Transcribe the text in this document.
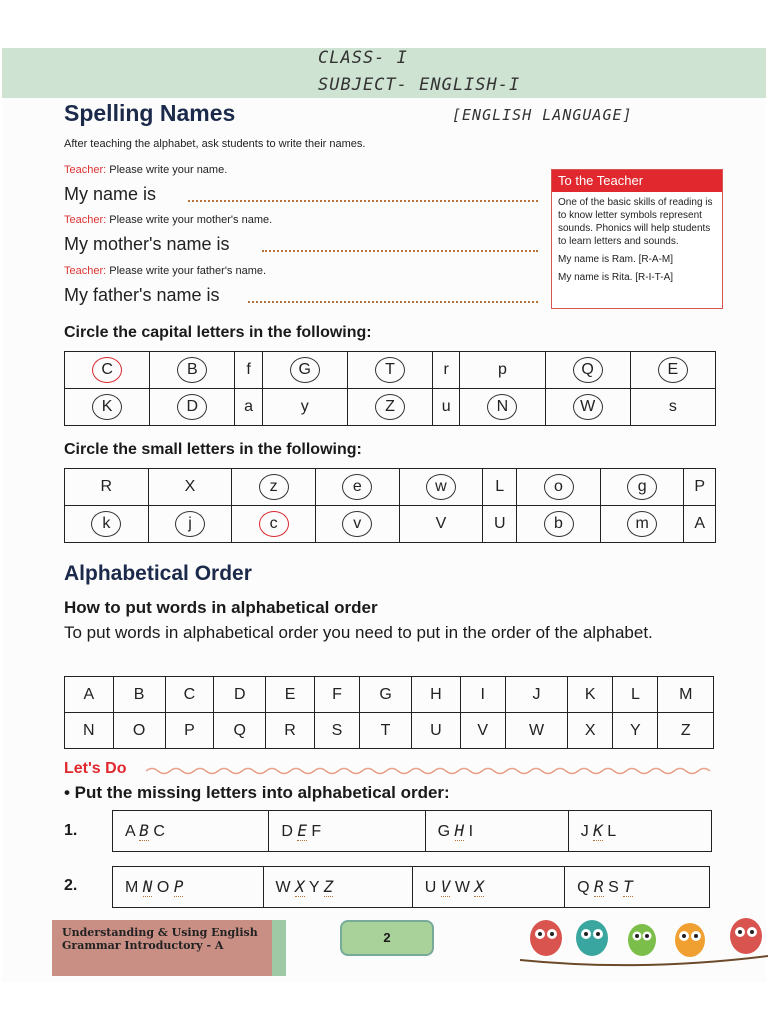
CLASS- I
SUBJECT- ENGLISH-I
[ENGLISH LANGUAGE]
Spelling Names
After teaching the alphabet, ask students to write their names.
Teacher: Please write your name.
My name is
Teacher: Please write your mother's name.
My mother's name is
Teacher: Please write your father's name.
My father's name is
To the Teacher
One of the basic skills of reading is to know letter symbols represent sounds. Phonics will help students to learn letters and sounds.
My name is Ram. [R-A-M]
My name is Rita. [R-I-T-A]
Circle the capital letters in the following:
C	B	f	G	T	r	p	Q	E
K	D	a	y	Z	u	N	W	s
Circle the small letters in the following:
R	X	z	e	w	L	o	g	P
k	j	c	v	V	U	b	m	A
Alphabetical Order
How to put words in alphabetical order
To put words in alphabetical order you need to put in the order of the alphabet.
A	B	C	D	E	F	G	H	I	J	K	L	M
N	O	P	Q	R	S	T	U	V	W	X	Y	Z
Let's Do
• Put the missing letters into alphabetical order:
1.	A B C	D E F	G H I	J K L
2.	M N O P	W X Y Z	U V W X	Q R S T
Understanding & Using English
Grammar Introductory - A
2
